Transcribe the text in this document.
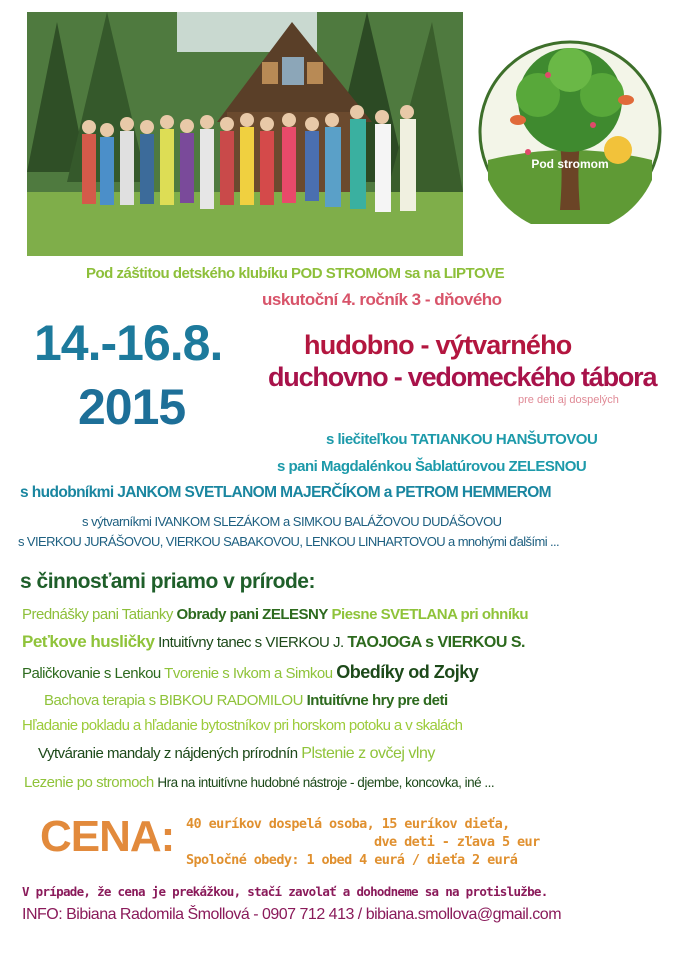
Pod stromom
Pod záštitou detského klubíku POD STROMOM sa na LIPTOVE
uskutoční 4. ročník 3 - dňového
14.-16.8.
2015
hudobno - výtvarného
duchovno - vedomeckého tábora
pre deti aj dospelých
s liečiteľkou TATIANKOU HANŠUTOVOU
s pani Magdalénkou Šablatúrovou ZELESNOU
s hudobníkmi JANKOM SVETLANOM MAJERČÍKOM a PETROM HEMMEROM
s výtvarníkmi IVANKOM SLEZÁKOM a SIMKOU BALÁŽOVOU DUDÁŠOVOU
s VIERKOU JURÁŠOVOU, VIERKOU SABAKOVOU, LENKOU LINHARTOVOU a mnohými ďalšími ...
s činnosťami priamo v prírode:
Prednášky pani Tatianky Obrady pani ZELESNY Piesne SVETLANA pri ohníku
Peťkove husličky Intuitívny tanec s VIERKOU J. TAOJOGA s VIERKOU S.
Paličkovanie s Lenkou Tvorenie s Ivkom a Simkou Obedíky od Zojky
Bachova terapia s BIBKOU RADOMILOU Intuitívne hry pre deti
Hľadanie pokladu a hľadanie bytostníkov pri horskom potoku a v skalách
Vytváranie mandaly z nájdených prírodnín Plstenie z ovčej vlny
Lezenie po stromoch Hra na intuitívne hudobné nástroje - djembe, koncovka, iné ...
CENA: 40 euríkov dospelá osoba, 15 euríkov dieťa,
dve deti - zľava 5 eur
Spoločné obedy: 1 obed 4 eurá / dieťa 2 eurá
V prípade, že cena je prekážkou, stačí zavolať a dohodneme sa na protislužbe.
INFO: Bibiana Radomila Šmollová - 0907 712 413 / bibiana.smollova@gmail.com
